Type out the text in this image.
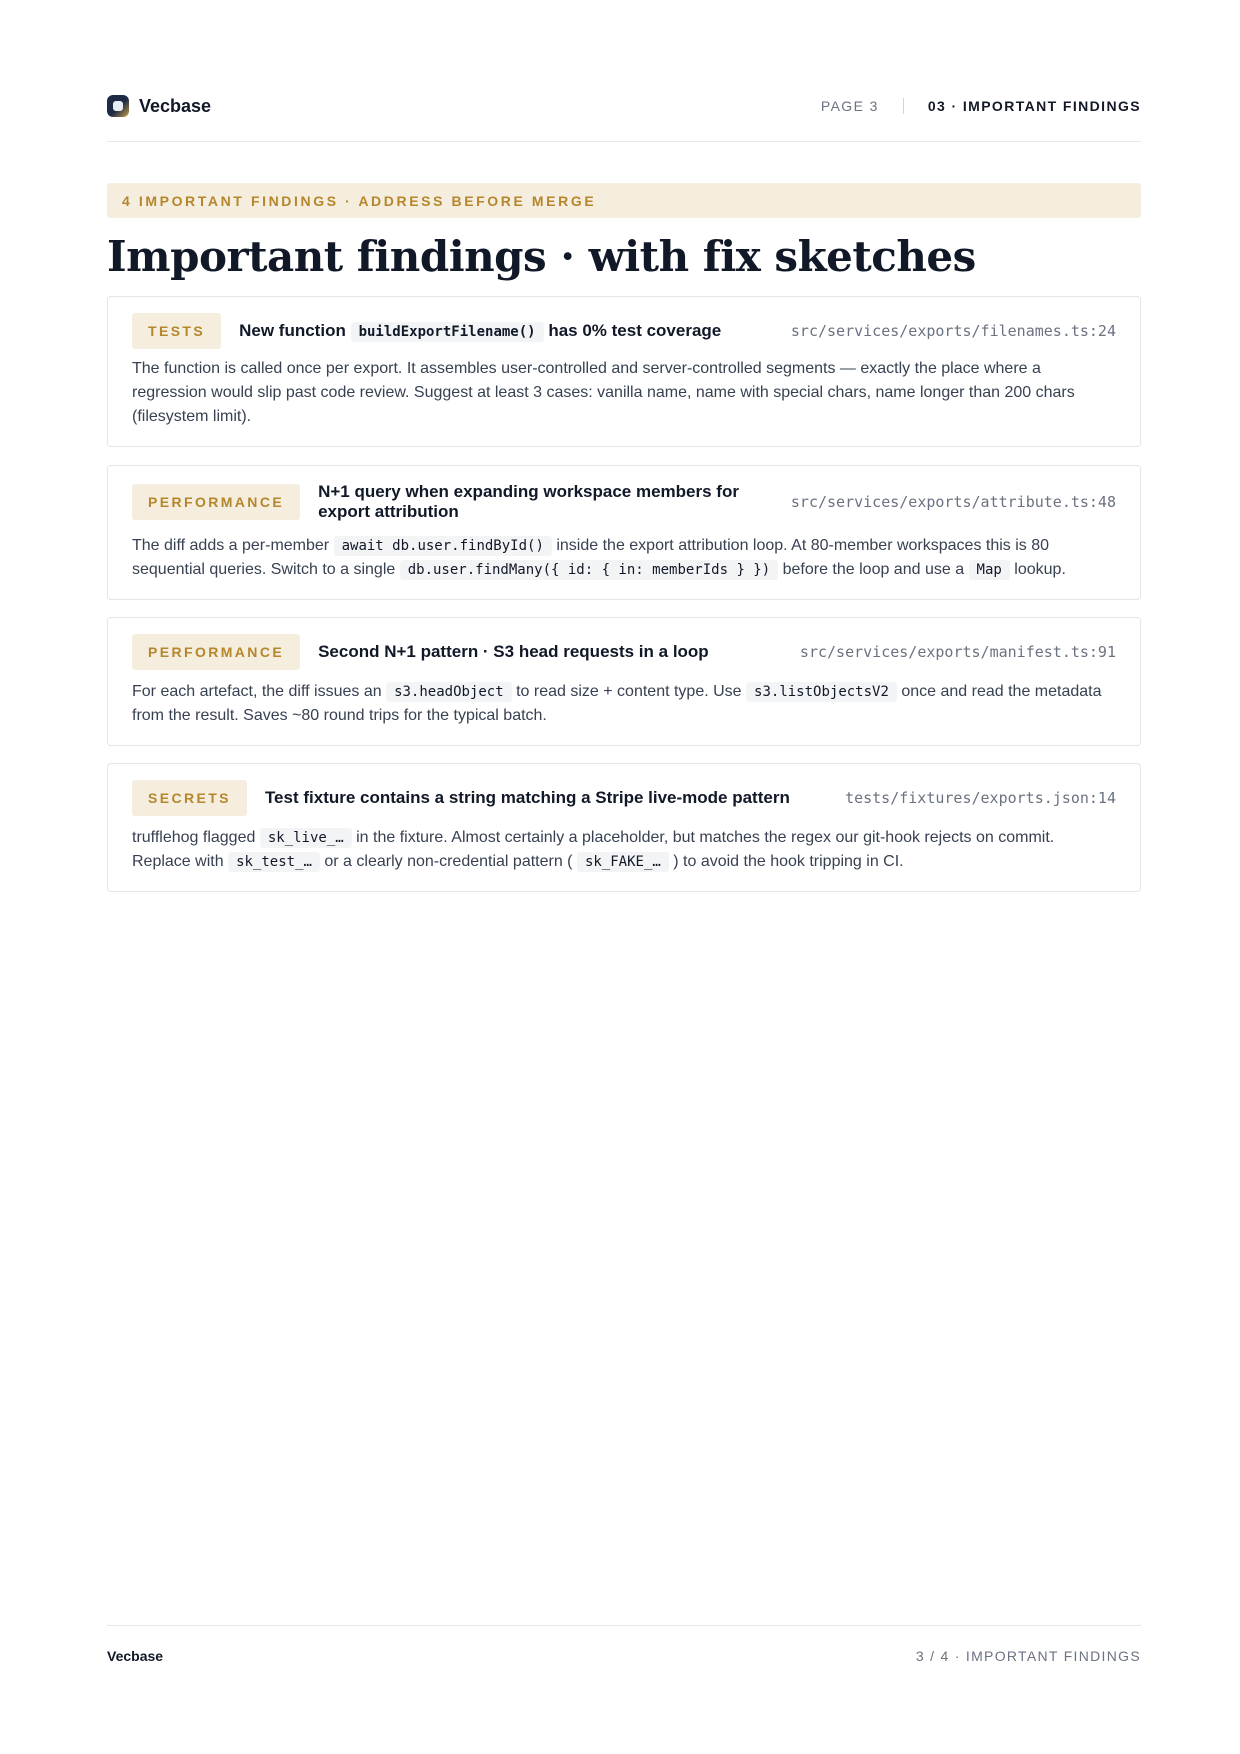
Vecbase	PAGE 3	03 · IMPORTANT FINDINGS
4 IMPORTANT FINDINGS · ADDRESS BEFORE MERGE
Important findings · with fix sketches
TESTS	New function buildExportFilename() has 0% test coverage	src/services/exports/filenames.ts:24

The function is called once per export. It assembles user-controlled and server-controlled segments — exactly the place where a regression would slip past code review. Suggest at least 3 cases: vanilla name, name with special chars, name longer than 200 chars (filesystem limit).

PERFORMANCE
N+1 query when expanding workspace members for export attribution	src/services/exports/attribute.ts:48

The diff adds a per-member await db.user.findById() inside the export attribution loop. At 80-member workspaces this is 80 sequential queries. Switch to a single db.user.findMany({ id: { in: memberIds } }) before the loop and use a Map lookup.

PERFORMANCE	Second N+1 pattern · S3 head requests in a loop	src/services/exports/manifest.ts:91

For each artefact, the diff issues an s3.headObject to read size + content type. Use s3.listObjectsV2 once and read the metadata from the result. Saves ~80 round trips for the typical batch.

SECRETS	Test fixture contains a string matching a Stripe live-mode pattern	tests/fixtures/exports.json:14

trufflehog flagged sk_live_… in the fixture. Almost certainly a placeholder, but matches the regex our git-hook rejects on commit. Replace with sk_test_… or a clearly non-credential pattern ( sk_FAKE_… ) to avoid the hook tripping in CI.

Vecbase	3 / 4 · IMPORTANT FINDINGS
